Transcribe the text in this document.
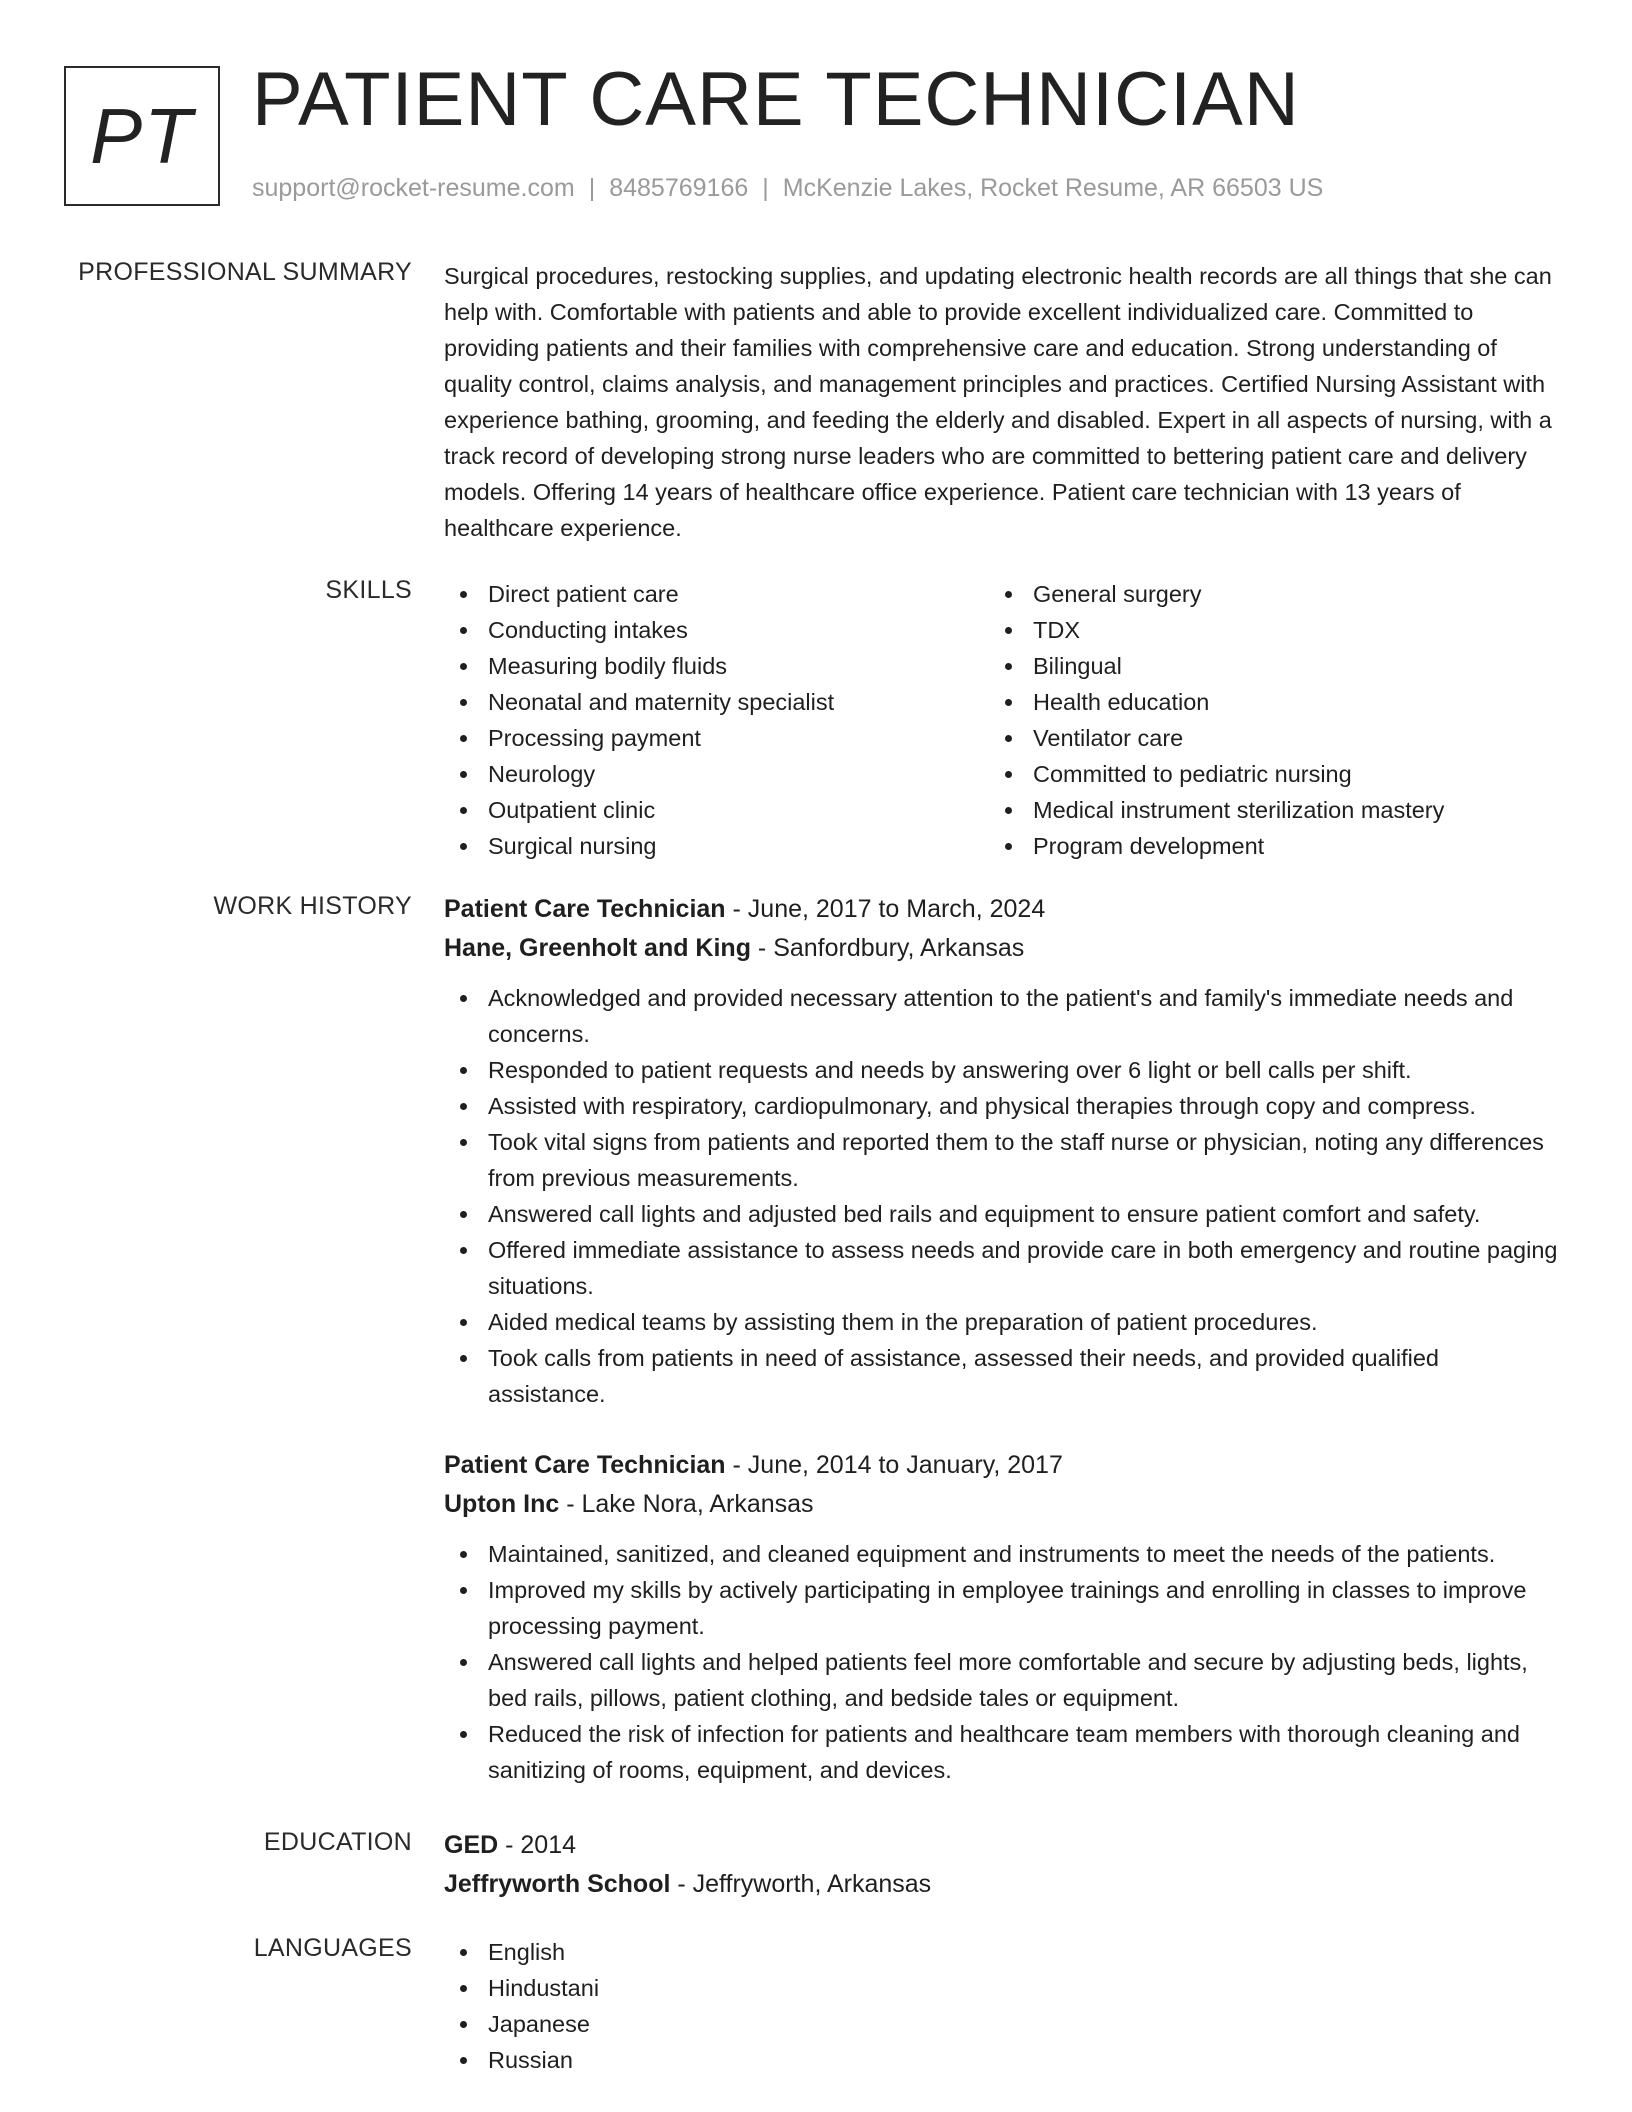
PT PATIENT CARE TECHNICIAN
support@rocket-resume.com | 8485769166 | McKenzie Lakes, Rocket Resume, AR 66503 US
PROFESSIONAL SUMMARY Surgical procedures, restocking supplies, and updating electronic health records are all things that she can help with. Comfortable with patients and able to provide excellent individualized care. Committed to providing patients and their families with comprehensive care and education. Strong understanding of quality control, claims analysis, and management principles and practices. Certified Nursing Assistant with experience bathing, grooming, and feeding the elderly and disabled. Expert in all aspects of nursing, with a track record of developing strong nurse leaders who are committed to bettering patient care and delivery models. Offering 14 years of healthcare office experience. Patient care technician with 13 years of healthcare experience.

SKILLS	Direct patient care
Conducting intakes
Measuring bodily fluids
Neonatal and maternity specialist
Processing payment
Neurology
Outpatient clinic
Surgical nursing
General surgery
TDX
Bilingual
Health education
Ventilator care
Committed to pediatric nursing
Medical instrument sterilization mastery
Program development
WORK HISTORY Patient Care Technician - June, 2017 to March, 2024
Hane, Greenholt and King - Sanfordbury, Arkansas
Acknowledged and provided necessary attention to the patient's and family's immediate needs and concerns.
Responded to patient requests and needs by answering over 6 light or bell calls per shift.
Assisted with respiratory, cardiopulmonary, and physical therapies through copy and compress.
Took vital signs from patients and reported them to the staff nurse or physician, noting any differences from previous measurements.
Answered call lights and adjusted bed rails and equipment to ensure patient comfort and safety.
Offered immediate assistance to assess needs and provide care in both emergency and routine paging situations.
Aided medical teams by assisting them in the preparation of patient procedures.
Took calls from patients in need of assistance, assessed their needs, and provided qualified assistance.
Patient Care Technician - June, 2014 to January, 2017
Upton Inc - Lake Nora, Arkansas
Maintained, sanitized, and cleaned equipment and instruments to meet the needs of the patients.
Improved my skills by actively participating in employee trainings and enrolling in classes to improve processing payment.
Answered call lights and helped patients feel more comfortable and secure by adjusting beds, lights, bed rails, pillows, patient clothing, and bedside tales or equipment.
Reduced the risk of infection for patients and healthcare team members with thorough cleaning and sanitizing of rooms, equipment, and devices.
EDUCATION GED - 2014
Jeffryworth School - Jeffryworth, Arkansas
LANGUAGES	English
Hindustani
Japanese
Russian
